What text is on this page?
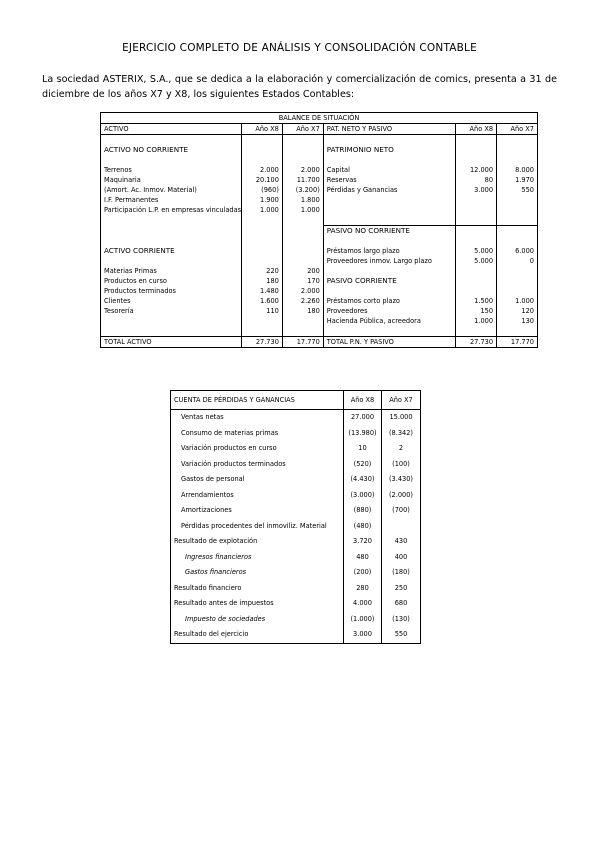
EJERCICIO COMPLETO DE ANÁLISIS Y CONSOLIDACIÓN CONTABLE
La sociedad ASTERIX, S.A., que se dedica a la elaboración y comercialización de comics, presenta a 31 de diciembre de los años X7 y X8, los siguientes Estados Contables:
BALANCE DE SITUACIÓN					
ACTIVO	Año X8	Año X7	PAT. NETO Y PASIVO	Año X8	Año X7

ACTIVO NO CORRIENTE			PATRIMONIO NETO		

Terrenos	2.000	2.000	Capital	12.000	8.000
Maquinaria	20.100	11.700	Reservas	80	1.970
(Amort. Ac. Inmov. Material)	(960)	(3.200)	Pérdidas y Ganancias	3.000	550
I.F. Permanentes	1.900	1.800			
Participación L.P. en empresas vinculadas	1.000	1.000			

			PASIVO NO CORRIENTE		

ACTIVO CORRIENTE			Préstamos largo plazo	5.000	6.000
			Proveedores inmov. Largo plazo	5.000	0
Materias Primas	220	200			
Productos en curso	180	170	PASIVO CORRIENTE		
Productos terminados	1.480	2.000			
Clientes	1.600	2.260	Préstamos corto plazo	1.500	1.000
Tesorería	110	180	Proveedores	150	120
			Hacienda Pública, acreedora	1.000	130

TOTAL ACTIVO	27.730	17.770	TOTAL P.N. Y PASIVO	27.730	17.770
CUENTA DE PÉRDIDAS Y GANANCIAS	Año X8	Año X7
Ventas netas	27.000	15.000
Consumo de materias primas	(13.980)	(8.342)
Variación productos en curso	10	2
Variación productos terminados	(520)	(100)
Gastos de personal	(4.430)	(3.430)
Arrendamientos	(3.000)	(2.000)
Amortizaciones	(880)	(700)
Pérdidas procedentes del inmoviliz. Material	(480)	
Resultado de explotación	3.720	430
Ingresos financieros	480	400
Gastos financieros	(200)	(180)
Resultado financiero	280	250
Resultado antes de impuestos	4.000	680
Impuesto de sociedades	(1.000)	(130)
Resultado del ejercicio	3.000	550
